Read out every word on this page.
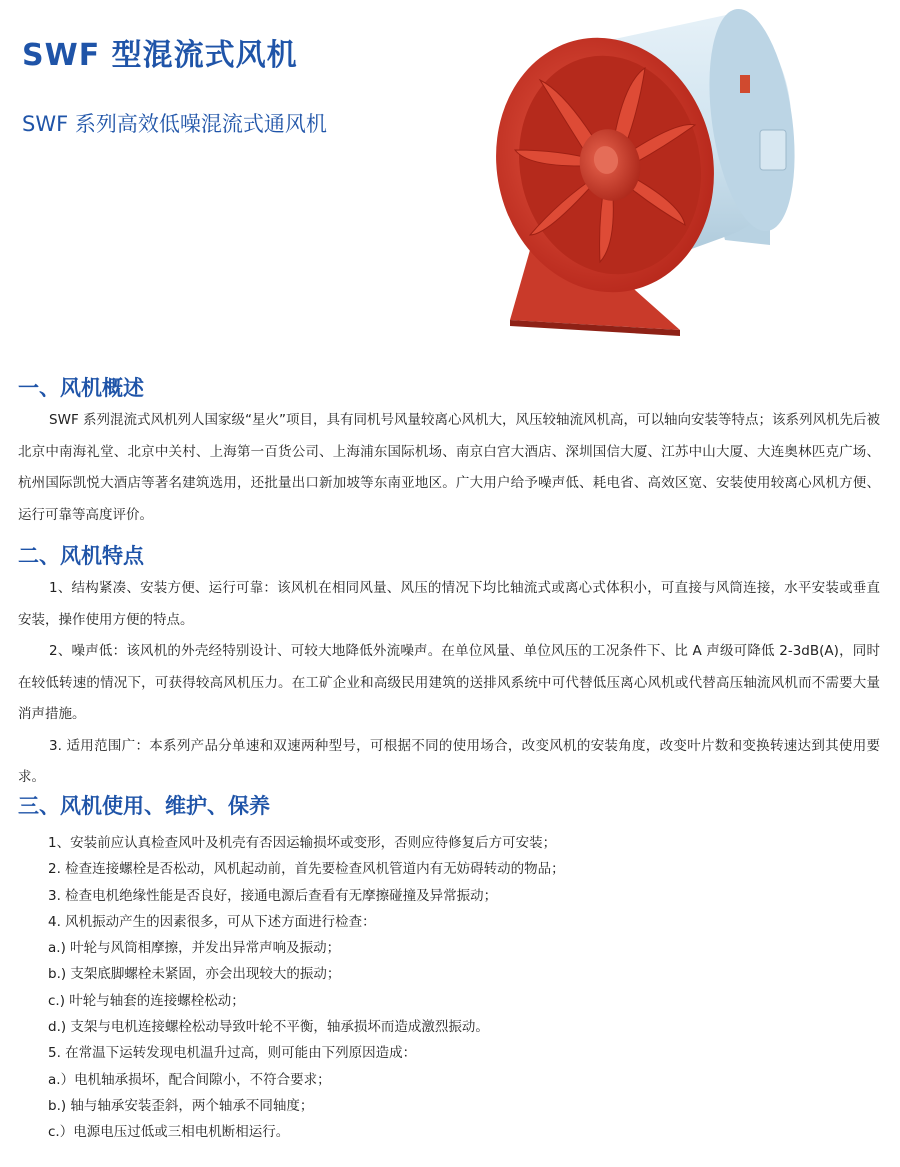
SWF 型混流式风机
SWF 系列高效低噪混流式通风机
一、风机概述

SWF 系列混流式风机列人国家级“星火”项目，具有同机号风量较离心风机大，风压较轴流风机高，可以轴向安装等特点；该系列风机先后被北京中南海礼堂、北京中关村、上海第一百货公司、上海浦东国际机场、南京白宫大酒店、深圳国信大厦、江苏中山大厦、大连奥林匹克广场、杭州国际凯悦大酒店等著名建筑选用，还批量出口新加坡等东南亚地区。广大用户给予噪声低、耗电省、高效区宽、安装使用较离心风机方便、运行可靠等高度评价。

二、风机特点

1、结构紧凑、安装方便、运行可靠：该风机在相同风量、风压的情况下均比轴流式或离心式体积小，可直接与风筒连接，水平安装或垂直安装，操作使用方便的特点。

2、噪声低：该风机的外壳经特别设计、可较大地降低外流噪声。在单位风量、单位风压的工况条件下、比 A 声级可降低 2-3dB(A)，同时在较低转速的情况下，可获得较高风机压力。在工矿企业和高级民用建筑的送排风系统中可代替低压离心风机或代替高压轴流风机而不需要大量消声措施。

3. 适用范围广：本系列产品分单速和双速两种型号，可根据不同的使用场合，改变风机的安装角度，改变叶片数和变换转速达到其使用要求。

三、风机使用、维护、保养
1、安装前应认真检查风叶及机壳有否因运输损坏或变形，否则应待修复后方可安装；
2. 检查连接螺栓是否松动，风机起动前，首先要检查风机管道内有无妨碍转动的物品；
3. 检查电机绝缘性能是否良好，接通电源后查看有无摩擦碰撞及异常振动；
4. 风机振动产生的因素很多，可从下述方面进行检查：
a.) 叶轮与风筒相摩擦，并发出异常声响及振动；
b.) 支架底脚螺栓未紧固，亦会出现较大的振动；
c.) 叶轮与轴套的连接螺栓松动；
d.) 支架与电机连接螺栓松动导致叶轮不平衡，轴承损坏而造成激烈振动。
5. 在常温下运转发现电机温升过高，则可能由下列原因造成：
a.）电机轴承损坏，配合间隙小，不符合要求；
b.) 轴与轴承安装歪斜，两个轴承不同轴度；
c.）电源电压过低或三相电机断相运行。
